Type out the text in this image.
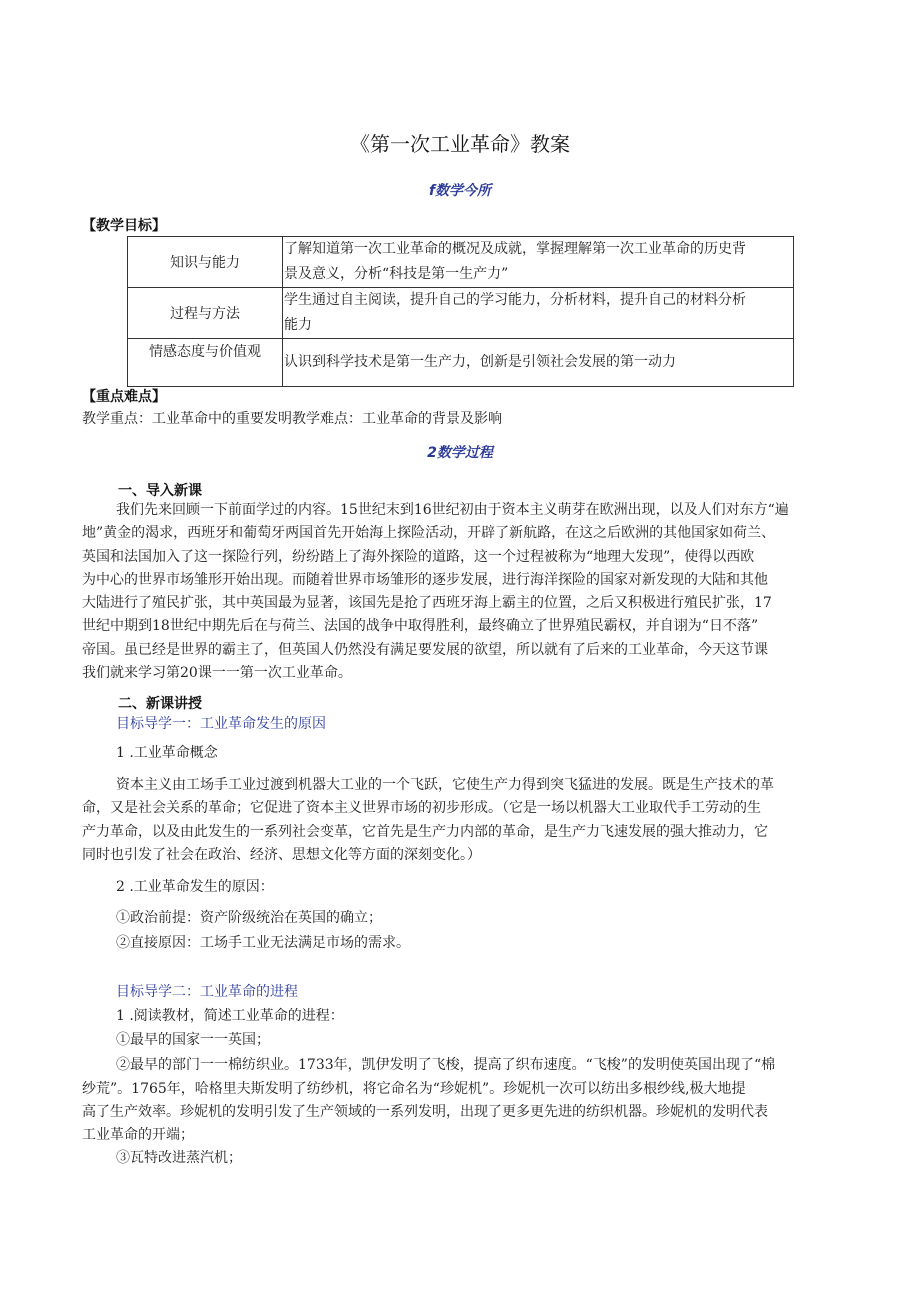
《第一次工业革命》教案
f数学今所
【教学目标】
知识与能力	了解知道第一次工业革命的概况及成就，掌握理解第一次工业革命的历史背
景及意义，分析“科技是第一生产力”

过程与方法	学生通过自主阅读，提升自己的学习能力，分析材料，提升自己的材料分析
能力

情感态度与价值观	认识到科学技术是第一生产力，创新是引领社会发展的第一动力
【重点难点】
教学重点：工业革命中的重要发明教学难点：工业革命的背景及影响
2数学过程
一、导入新课
我们先来回顾一下前面学过的内容。15世纪末到16世纪初由于资本主义萌芽在欧洲出现，以及人们对东方“遍
地”黄金的渴求，西班牙和葡萄牙两国首先开始海上探险活动，开辟了新航路，在这之后欧洲的其他国家如荷兰、
英国和法国加入了这一探险行列，纷纷踏上了海外探险的道路，这一个过程被称为“地理大发现”，使得以西欧
为中心的世界市场雏形开始出现。而随着世界市场雏形的逐步发展，进行海洋探险的国家对新发现的大陆和其他
大陆进行了殖民扩张，其中英国最为显著，该国先是抢了西班牙海上霸主的位置，之后又积极进行殖民扩张，17
世纪中期到18世纪中期先后在与荷兰、法国的战争中取得胜利，最终确立了世界殖民霸权，并自诩为“日不落”
帝国。虽已经是世界的霸主了，但英国人仍然没有满足要发展的欲望，所以就有了后来的工业革命，今天这节课
我们就来学习第20课一一第一次工业革命。
二、新课讲授
目标导学一：工业革命发生的原因
1 .工业革命概念
资本主义由工场手工业过渡到机器大工业的一个飞跃，它使生产力得到突飞猛进的发展。既是生产技术的革
命，又是社会关系的革命；它促进了资本主义世界市场的初步形成。（它是一场以机器大工业取代手工劳动的生
产力革命，以及由此发生的一系列社会变革，它首先是生产力内部的革命，是生产力飞速发展的强大推动力，它
同时也引发了社会在政治、经济、思想文化等方面的深刻变化。）
2 .工业革命发生的原因：
①政治前提：资产阶级统治在英国的确立；
②直接原因：工场手工业无法满足市场的需求。
目标导学二：工业革命的进程
1 .阅读教材，简述工业革命的进程：
①最早的国家一一英国；
②最早的部门一一棉纺织业。1733年，凯伊发明了飞梭，提高了织布速度。“飞梭”的发明使英国出现了“棉
纱荒”。1765年，哈格里夫斯发明了纺纱机，将它命名为“珍妮机”。珍妮机一次可以纺出多根纱线,极大地提
高了生产效率。珍妮机的发明引发了生产领域的一系列发明，出现了更多更先进的纺织机器。珍妮机的发明代表
工业革命的开端；
③瓦特改进蒸汽机；
